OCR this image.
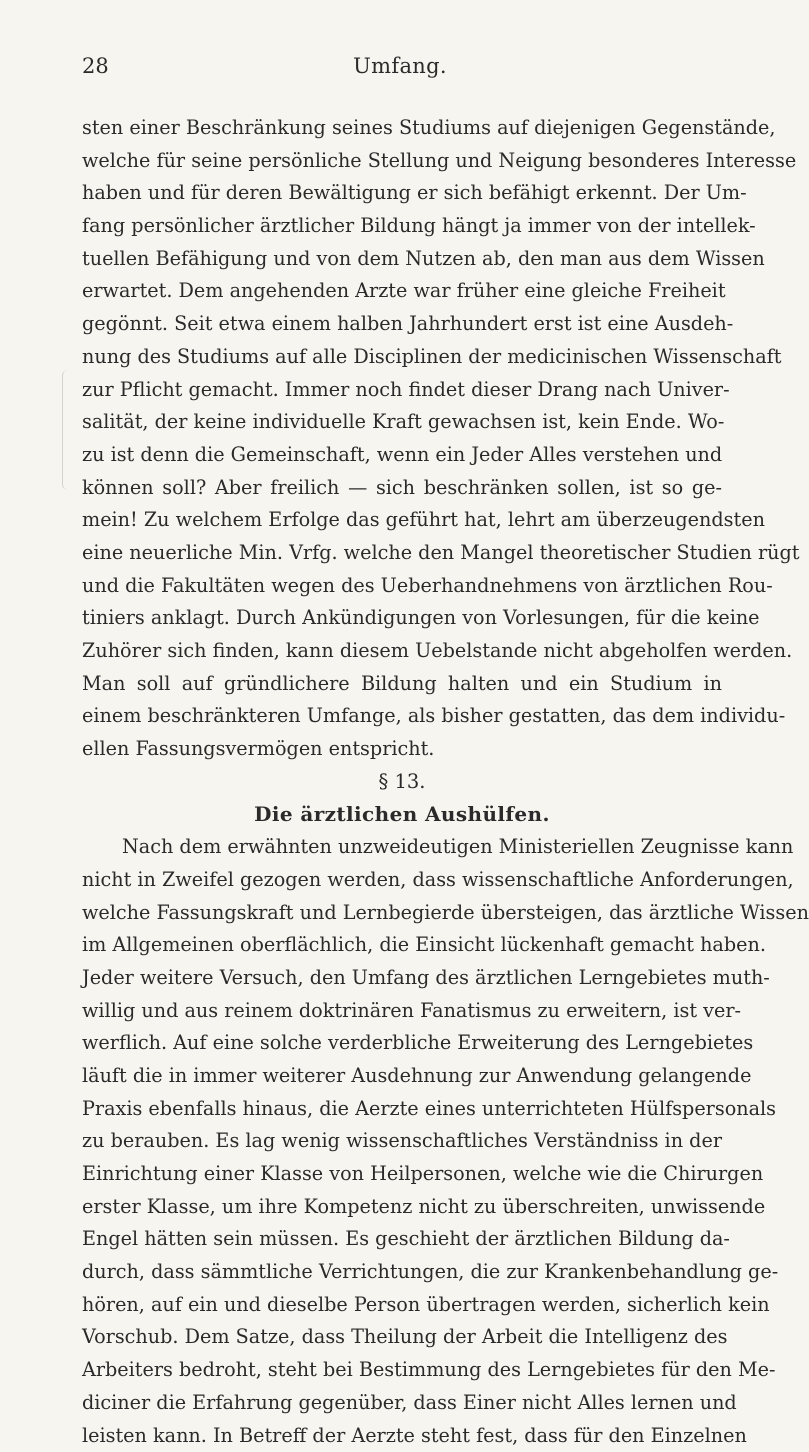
28	Umfang.
sten einer Beschränkung seines Studiums auf diejenigen Gegenstände,
welche für seine persönliche Stellung und Neigung besonderes Interesse
haben und für deren Bewältigung er sich befähigt erkennt. Der Um-
fang persönlicher ärztlicher Bildung hängt ja immer von der intellek-
tuellen Befähigung und von dem Nutzen ab, den man aus dem Wissen
erwartet. Dem angehenden Arzte war früher eine gleiche Freiheit
gegönnt. Seit etwa einem halben Jahrhundert erst ist eine Ausdeh-
nung des Studiums auf alle Disciplinen der medicinischen Wissenschaft
zur Pflicht gemacht. Immer noch findet dieser Drang nach Univer-
salität, der keine individuelle Kraft gewachsen ist, kein Ende. Wo-
zu ist denn die Gemeinschaft, wenn ein Jeder Alles verstehen und
können soll? Aber freilich — sich beschränken sollen, ist so ge-
mein! Zu welchem Erfolge das geführt hat, lehrt am überzeugendsten
eine neuerliche Min. Vrfg. welche den Mangel theoretischer Studien rügt
und die Fakultäten wegen des Ueberhandnehmens von ärztlichen Rou-
tiniers anklagt. Durch Ankündigungen von Vorlesungen, für die keine
Zuhörer sich finden, kann diesem Uebelstande nicht abgeholfen werden.
Man soll auf gründlichere Bildung halten und ein Studium in
einem beschränkteren Umfange, als bisher gestatten, das dem individu-
ellen Fassungsvermögen entspricht.
§ 13.
Die ärztlichen Aushülfen.
Nach dem erwähnten unzweideutigen Ministeriellen Zeugnisse kann
nicht in Zweifel gezogen werden, dass wissenschaftliche Anforderungen,
welche Fassungskraft und Lernbegierde übersteigen, das ärztliche Wissen
im Allgemeinen oberflächlich, die Einsicht lückenhaft gemacht haben.
Jeder weitere Versuch, den Umfang des ärztlichen Lerngebietes muth-
willig und aus reinem doktrinären Fanatismus zu erweitern, ist ver-
werflich. Auf eine solche verderbliche Erweiterung des Lerngebietes
läuft die in immer weiterer Ausdehnung zur Anwendung gelangende
Praxis ebenfalls hinaus, die Aerzte eines unterrichteten Hülfspersonals
zu berauben. Es lag wenig wissenschaftliches Verständniss in der
Einrichtung einer Klasse von Heilpersonen, welche wie die Chirurgen
erster Klasse, um ihre Kompetenz nicht zu überschreiten, unwissende
Engel hätten sein müssen. Es geschieht der ärztlichen Bildung da-
durch, dass sämmtliche Verrichtungen, die zur Krankenbehandlung ge-
hören, auf ein und dieselbe Person übertragen werden, sicherlich kein
Vorschub. Dem Satze, dass Theilung der Arbeit die Intelligenz des
Arbeiters bedroht, steht bei Bestimmung des Lerngebietes für den Me-
diciner die Erfahrung gegenüber, dass Einer nicht Alles lernen und
leisten kann. In Betreff der Aerzte steht fest, dass für den Einzelnen
